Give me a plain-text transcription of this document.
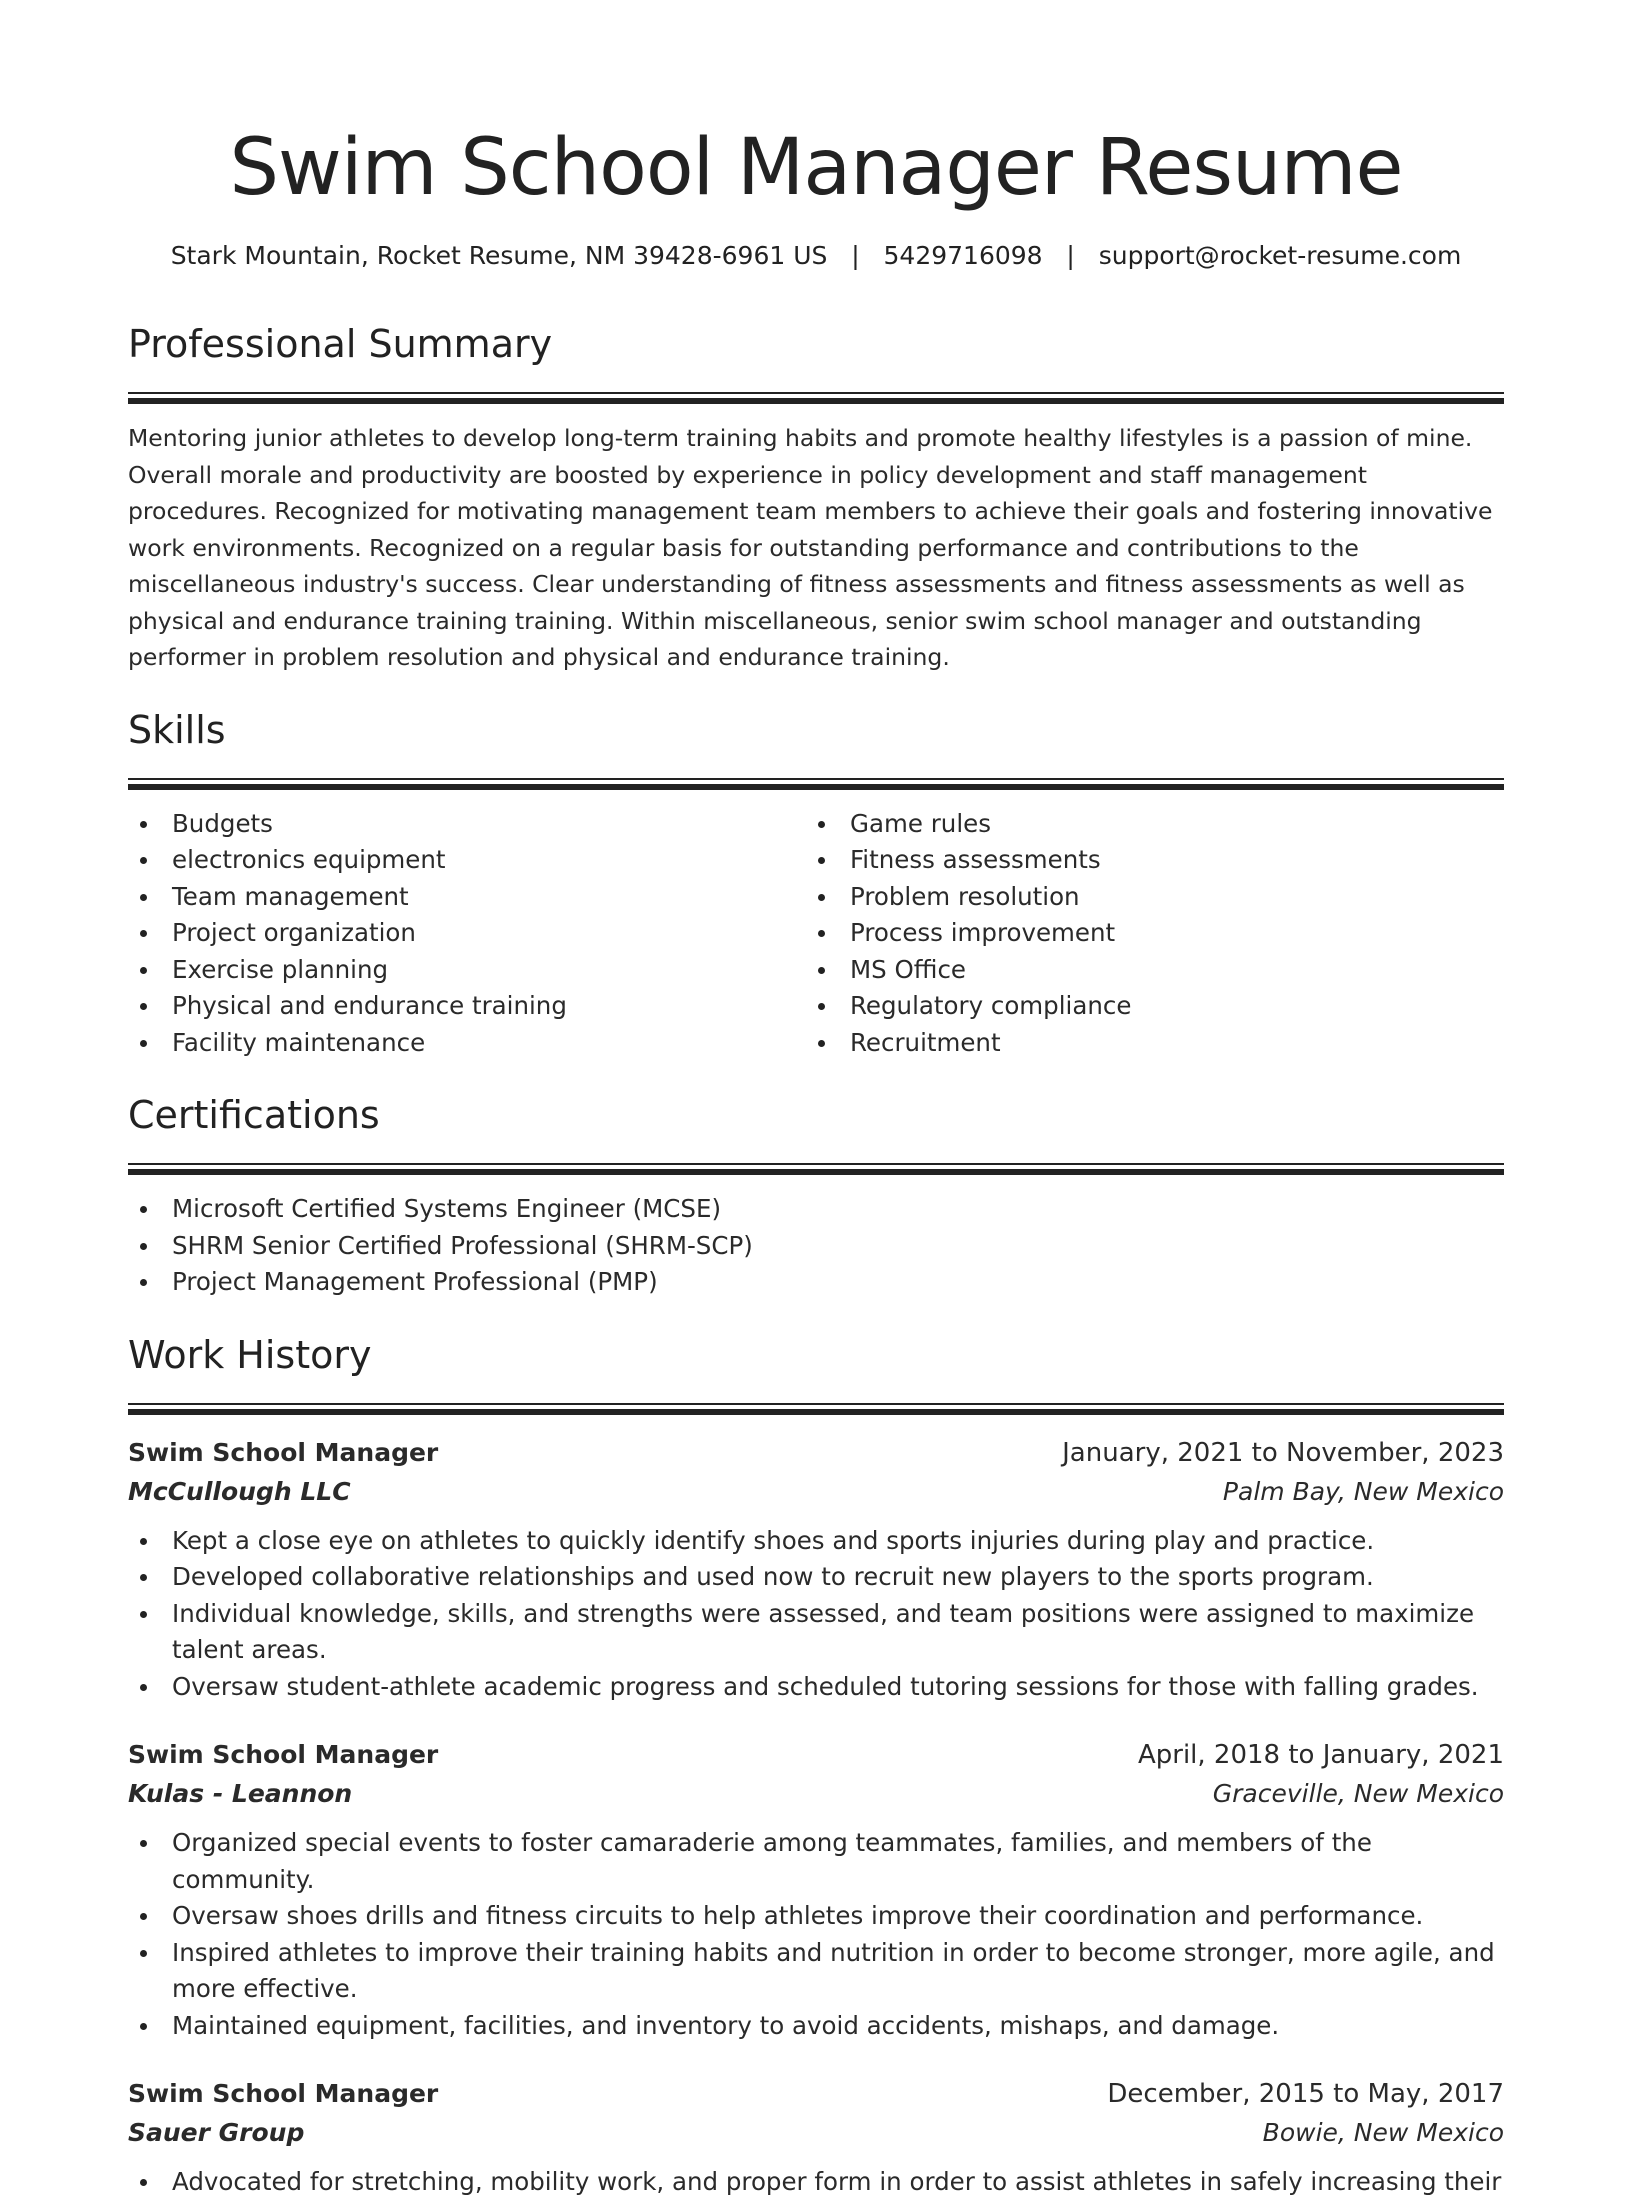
Swim School Manager Resume
Stark Mountain, Rocket Resume, NM 39428-6961 US | 5429716098 | support@rocket-resume.com
Professional Summary

Mentoring junior athletes to develop long-term training habits and promote healthy lifestyles is a passion of mine. Overall morale and productivity are boosted by experience in policy development and staff management procedures. Recognized for motivating management team members to achieve their goals and fostering innovative work environments. Recognized on a regular basis for outstanding performance and contributions to the miscellaneous industry's success. Clear understanding of fitness assessments and fitness assessments as well as physical and endurance training training. Within miscellaneous, senior swim school manager and outstanding performer in problem resolution and physical and endurance training.

Skills
Budgets
electronics equipment
Team management
Project organization
Exercise planning
Physical and endurance training
Facility maintenance
Game rules
Fitness assessments
Problem resolution
Process improvement
MS Office
Regulatory compliance
Recruitment
Certifications
Microsoft Certified Systems Engineer (MCSE)
SHRM Senior Certified Professional (SHRM-SCP)
Project Management Professional (PMP)
Work History
Swim School Manager	January, 2021 to November, 2023
McCullough LLC	Palm Bay, New Mexico
Kept a close eye on athletes to quickly identify shoes and sports injuries during play and practice.
Developed collaborative relationships and used now to recruit new players to the sports program.
Individual knowledge, skills, and strengths were assessed, and team positions were assigned to maximize talent areas.
Oversaw student-athlete academic progress and scheduled tutoring sessions for those with falling grades.
Swim School Manager	April, 2018 to January, 2021
Kulas - Leannon	Graceville, New Mexico
Organized special events to foster camaraderie among teammates, families, and members of the community.
Oversaw shoes drills and fitness circuits to help athletes improve their coordination and performance.
Inspired athletes to improve their training habits and nutrition in order to become stronger, more agile, and more effective.
Maintained equipment, facilities, and inventory to avoid accidents, mishaps, and damage.
Swim School Manager	December, 2015 to May, 2017
Sauer Group	Bowie, New Mexico
Advocated for stretching, mobility work, and proper form in order to assist athletes in safely increasing their
